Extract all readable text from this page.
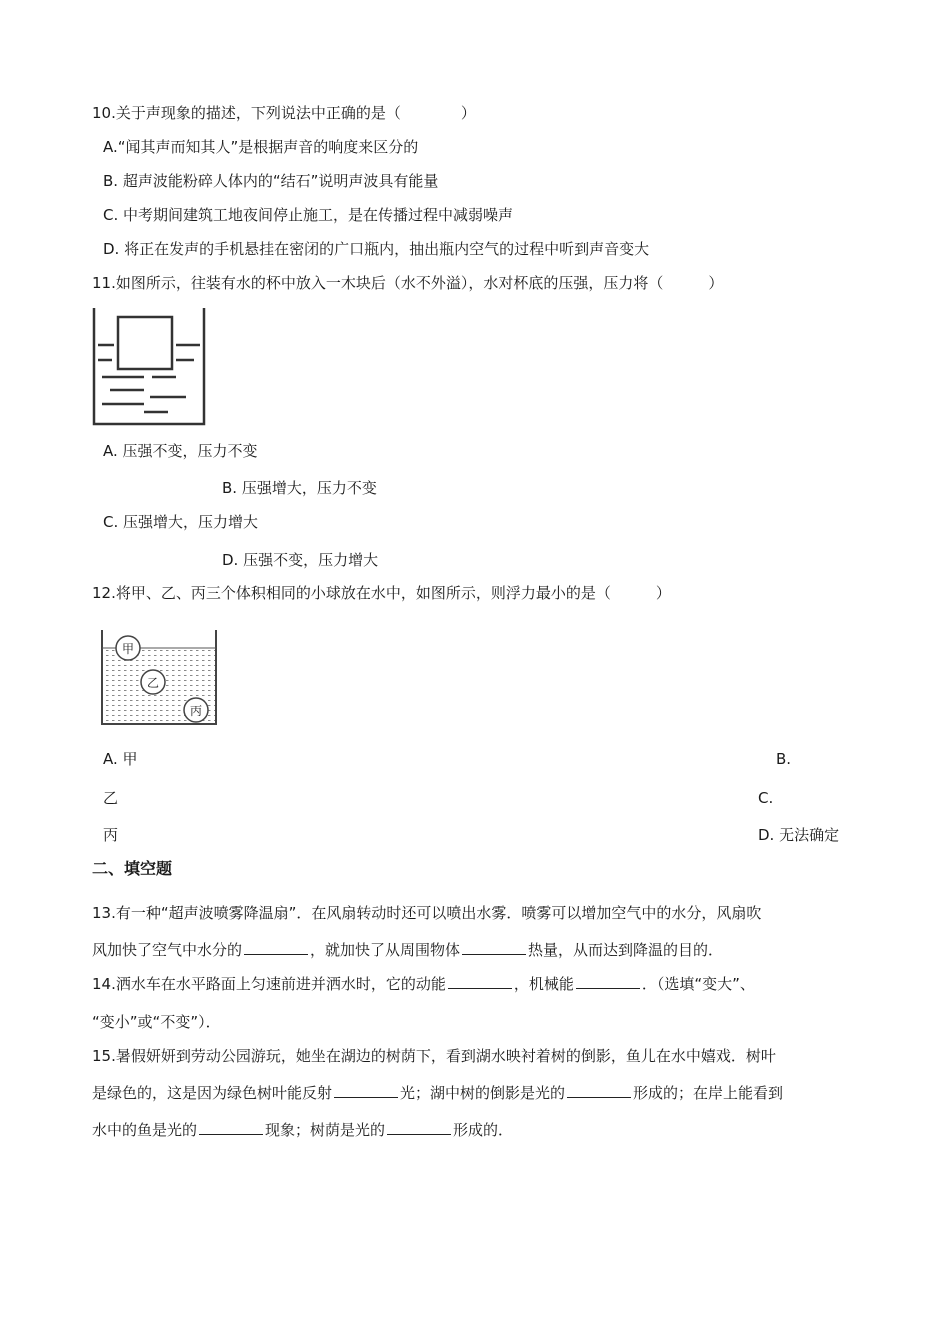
10.关于声现象的描述，下列说法中正确的是（　　　　）
A.“闻其声而知其人”是根据声音的响度来区分的
B. 超声波能粉碎人体内的“结石”说明声波具有能量
C. 中考期间建筑工地夜间停止施工，是在传播过程中减弱噪声
D. 将正在发声的手机悬挂在密闭的广口瓶内，抽出瓶内空气的过程中听到声音变大
11.如图所示，往装有水的杯中放入一木块后（水不外溢），水对杯底的压强，压力将（　　　）
A. 压强不变，压力不变
B. 压强增大，压力不变
C. 压强增大，压力增大
D. 压强不变，压力增大
12.将甲、乙、丙三个体积相同的小球放在水中，如图所示，则浮力最小的是（　　　）
甲
乙
丙
A. 甲	B.
乙	C.
丙	D. 无法确定
二、填空题
13.有一种“超声波喷雾降温扇”．在风扇转动时还可以喷出水雾．喷雾可以增加空气中的水分，风扇吹
风加快了空气中水分的	，就加快了从周围物体	热量，从而达到降温的目的．
14.洒水车在水平路面上匀速前进并洒水时，它的动能	，机械能	．（选填“变大”、
“变小”或“不变”）．
15.暑假妍妍到劳动公园游玩，她坐在湖边的树荫下，看到湖水映衬着树的倒影，鱼儿在水中嬉戏．树叶
是绿色的，这是因为绿色树叶能反射	光；湖中树的倒影是光的	形成的；在岸上能看到
水中的鱼是光的	现象；树荫是光的	形成的．
